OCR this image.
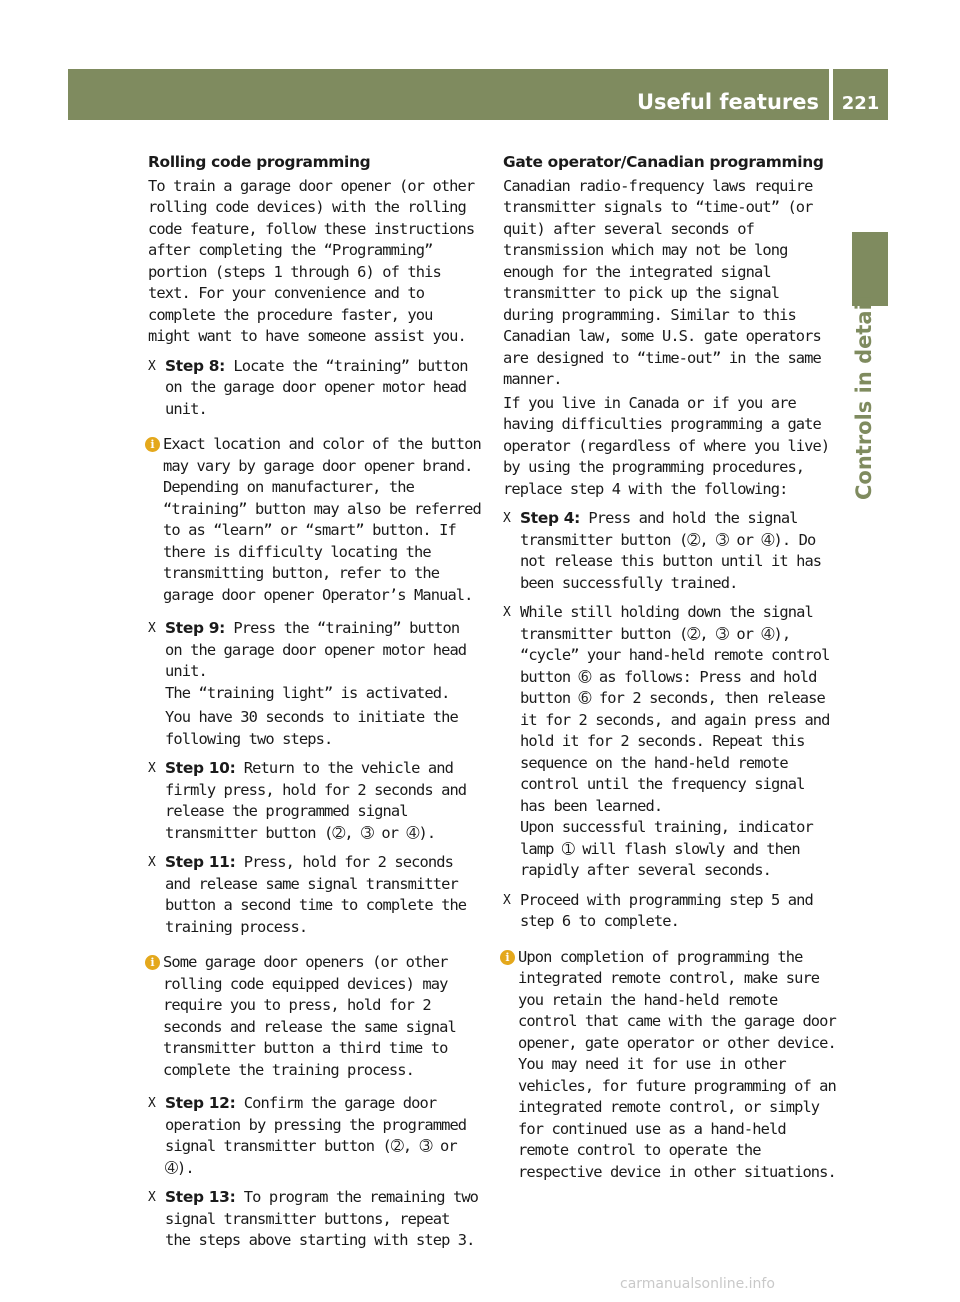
Useful features	221
Controls in detail

Rolling code programming

To train a garage door opener (or other rolling code devices) with the rolling code feature, follow these instructions after completing the “Programming” portion (steps 1 through 6) of this text. For your convenience and to complete the procedure faster, you might want to have someone assist you.

X Step 8: Locate the “training” button on the garage door opener motor head unit.
i Exact location and color of the button may vary by garage door opener brand. Depending on manufacturer, the “training” button may also be referred to as “learn” or “smart” button. If there is difficulty locating the transmitting button, refer to the garage door opener Operator’s Manual.
X Step 9: Press the “training” button on the garage door opener motor head unit.
The “training light” is activated.
You have 30 seconds to initiate the following two steps.
X Step 10: Return to the vehicle and firmly press, hold for 2 seconds and release the programmed signal transmitter button (➁, ➂ or ➃).
X Step 11: Press, hold for 2 seconds and release same signal transmitter button a second time to complete the training process.
i Some garage door openers (or other rolling code equipped devices) may require you to press, hold for 2 seconds and release the same signal transmitter button a third time to complete the training process.
X Step 12: Confirm the garage door operation by pressing the programmed signal transmitter button (➁, ➂ or ➃).
X Step 13: To program the remaining two signal transmitter buttons, repeat the steps above starting with step 3.

Gate operator/Canadian programming

Canadian radio-frequency laws require transmitter signals to “time-out” (or quit) after several seconds of transmission which may not be long enough for the integrated signal transmitter to pick up the signal during programming. Similar to this Canadian law, some U.S. gate operators are designed to “time-out” in the same manner.

If you live in Canada or if you are having difficulties programming a gate operator (regardless of where you live) by using the programming procedures, replace step 4 with the following:

X Step 4: Press and hold the signal transmitter button (➁, ➂ or ➃). Do not release this button until it has been successfully trained.
X While still holding down the signal transmitter button (➁, ➂ or ➃), “cycle” your hand-held remote control button ➅ as follows: Press and hold button ➅ for 2 seconds, then release it for 2 seconds, and again press and hold it for 2 seconds. Repeat this sequence on the hand-held remote control until the frequency signal has been learned.
Upon successful training, indicator lamp ➀ will flash slowly and then rapidly after several seconds.
X Proceed with programming step 5 and step 6 to complete.
i Upon completion of programming the integrated remote control, make sure you retain the hand-held remote control that came with the garage door opener, gate operator or other device. You may need it for use in other vehicles, for future programming of an integrated remote control, or simply for continued use as a hand-held remote control to operate the respective device in other situations.
carmanualsonline.info
